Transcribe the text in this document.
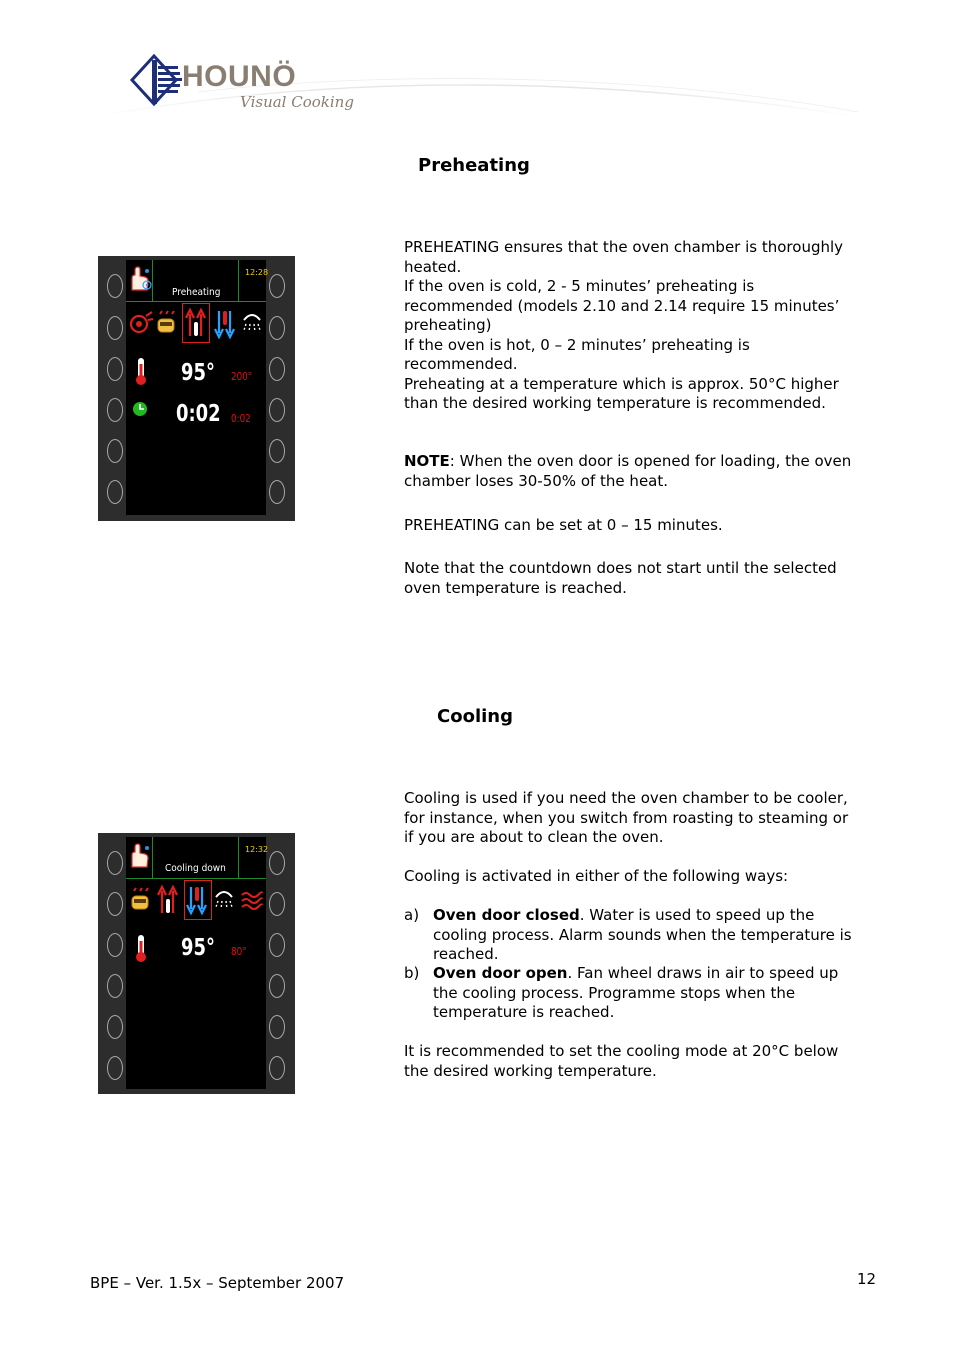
HOUNÖ
Visual Cooking
Preheating
12:28
Preheating
95° 200°
0:02 0:02

PREHEATING ensures that the oven chamber is thoroughly heated.

If the oven is cold, 2 - 5 minutes’ preheating is recommended (models 2.10 and 2.14 require 15 minutes’ preheating)

If the oven is hot, 0 – 2 minutes’ preheating is recommended.

Preheating at a temperature which is approx. 50°C higher than the desired working temperature is recommended.

NOTE: When the oven door is opened for loading, the oven chamber loses 30-50% of the heat.

PREHEATING can be set at 0 – 15 minutes.

Note that the countdown does not start until the selected oven temperature is reached.

Cooling
12:32
Cooling down
95° 80°

Cooling is used if you need the oven chamber to be cooler, for instance, when you switch from roasting to steaming or if you are about to clean the oven.

Cooling is activated in either of the following ways:

a) Oven door closed. Water is used to speed up the cooling process. Alarm sounds when the temperature is reached.
b) Oven door open. Fan wheel draws in air to speed up the cooling process. Programme stops when the temperature is reached.

It is recommended to set the cooling mode at 20°C below the desired working temperature.

BPE – Ver. 1.5x – September 2007	12
